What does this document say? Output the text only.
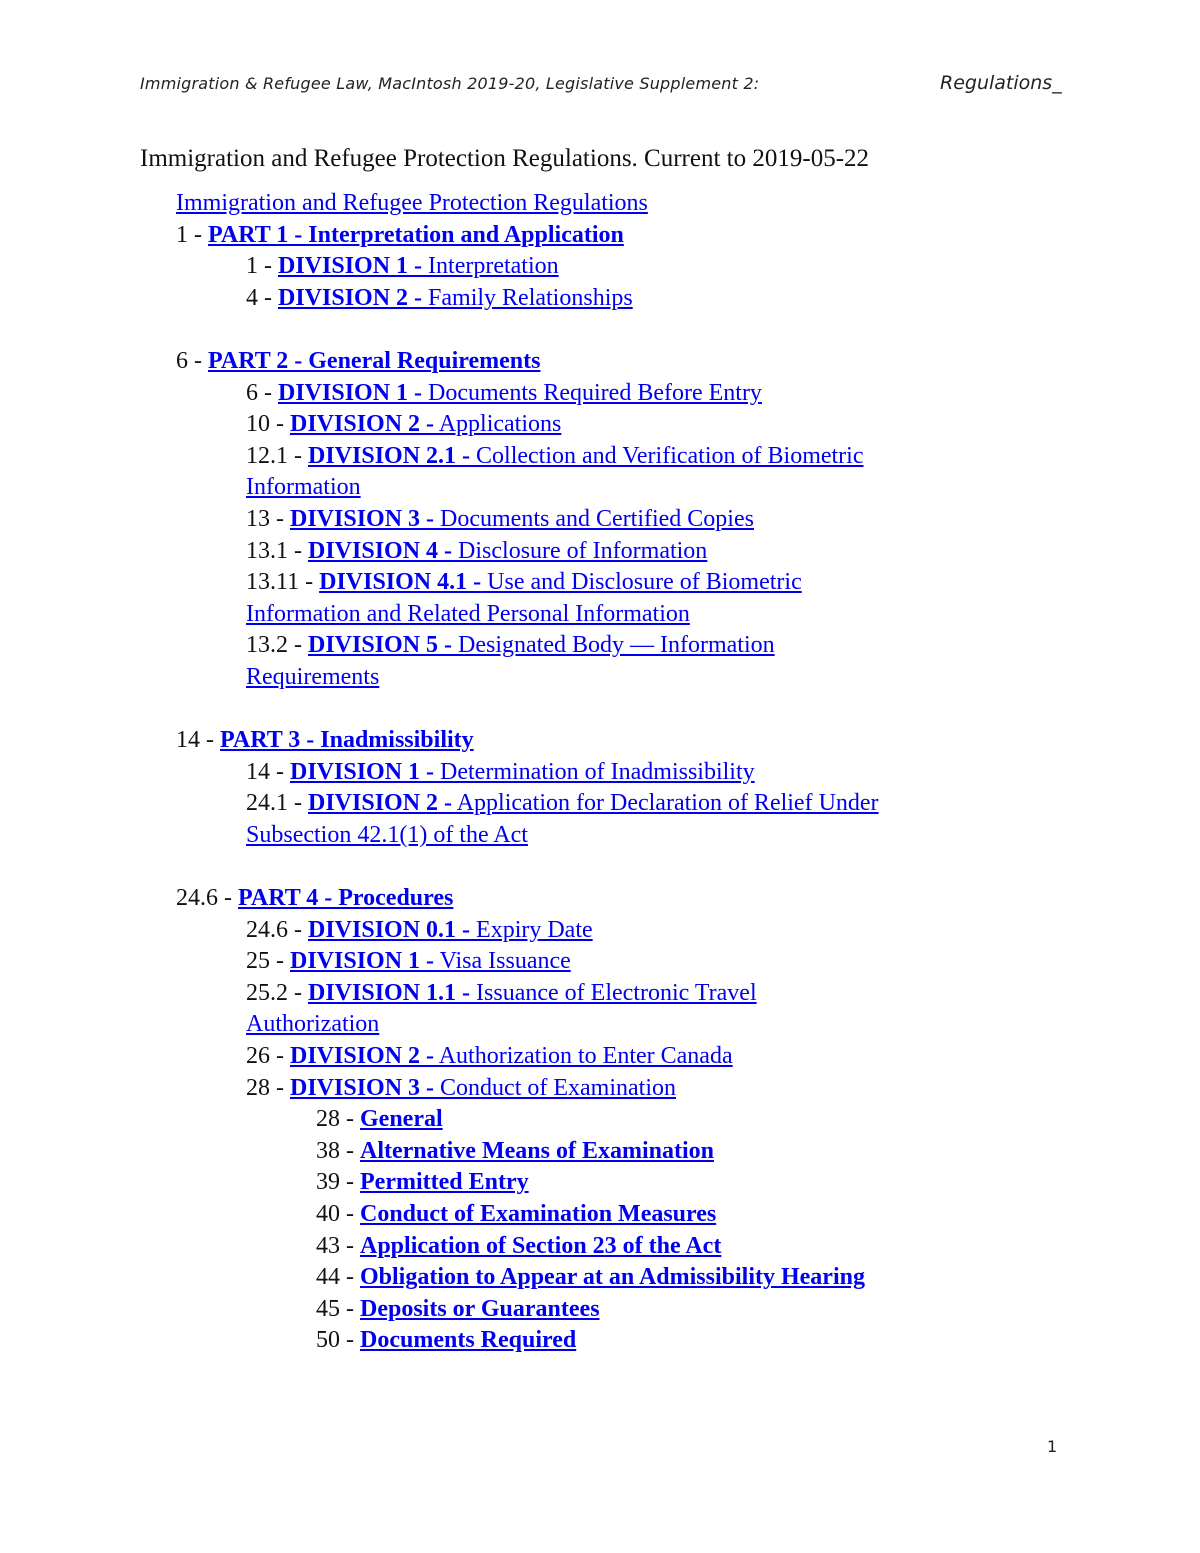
Immigration & Refugee Law, MacIntosh 2019-20, Legislative Supplement 2:	Regulations _
Immigration and Refugee Protection Regulations. Current to 2019-05-22
Immigration and Refugee Protection Regulations
1 - PART 1 - Interpretation and Application
1 - DIVISION 1 - Interpretation
4 - DIVISION 2 - Family Relationships
6 - PART 2 - General Requirements
6 - DIVISION 1 - Documents Required Before Entry
10 - DIVISION 2 - Applications
12.1 - DIVISION 2.1 - Collection and Verification of Biometric
Information
13 - DIVISION 3 - Documents and Certified Copies
13.1 - DIVISION 4 - Disclosure of Information
13.11 - DIVISION 4.1 - Use and Disclosure of Biometric
Information and Related Personal Information
13.2 - DIVISION 5 - Designated Body — Information
Requirements
14 - PART 3 - Inadmissibility
14 - DIVISION 1 - Determination of Inadmissibility
24.1 - DIVISION 2 - Application for Declaration of Relief Under
Subsection 42.1(1) of the Act
24.6 - PART 4 - Procedures
24.6 - DIVISION 0.1 - Expiry Date
25 - DIVISION 1 - Visa Issuance
25.2 - DIVISION 1.1 - Issuance of Electronic Travel
Authorization
26 - DIVISION 2 - Authorization to Enter Canada
28 - DIVISION 3 - Conduct of Examination
28 - General
38 - Alternative Means of Examination
39 - Permitted Entry
40 - Conduct of Examination Measures
43 - Application of Section 23 of the Act
44 - Obligation to Appear at an Admissibility Hearing
45 - Deposits or Guarantees
50 - Documents Required
1
